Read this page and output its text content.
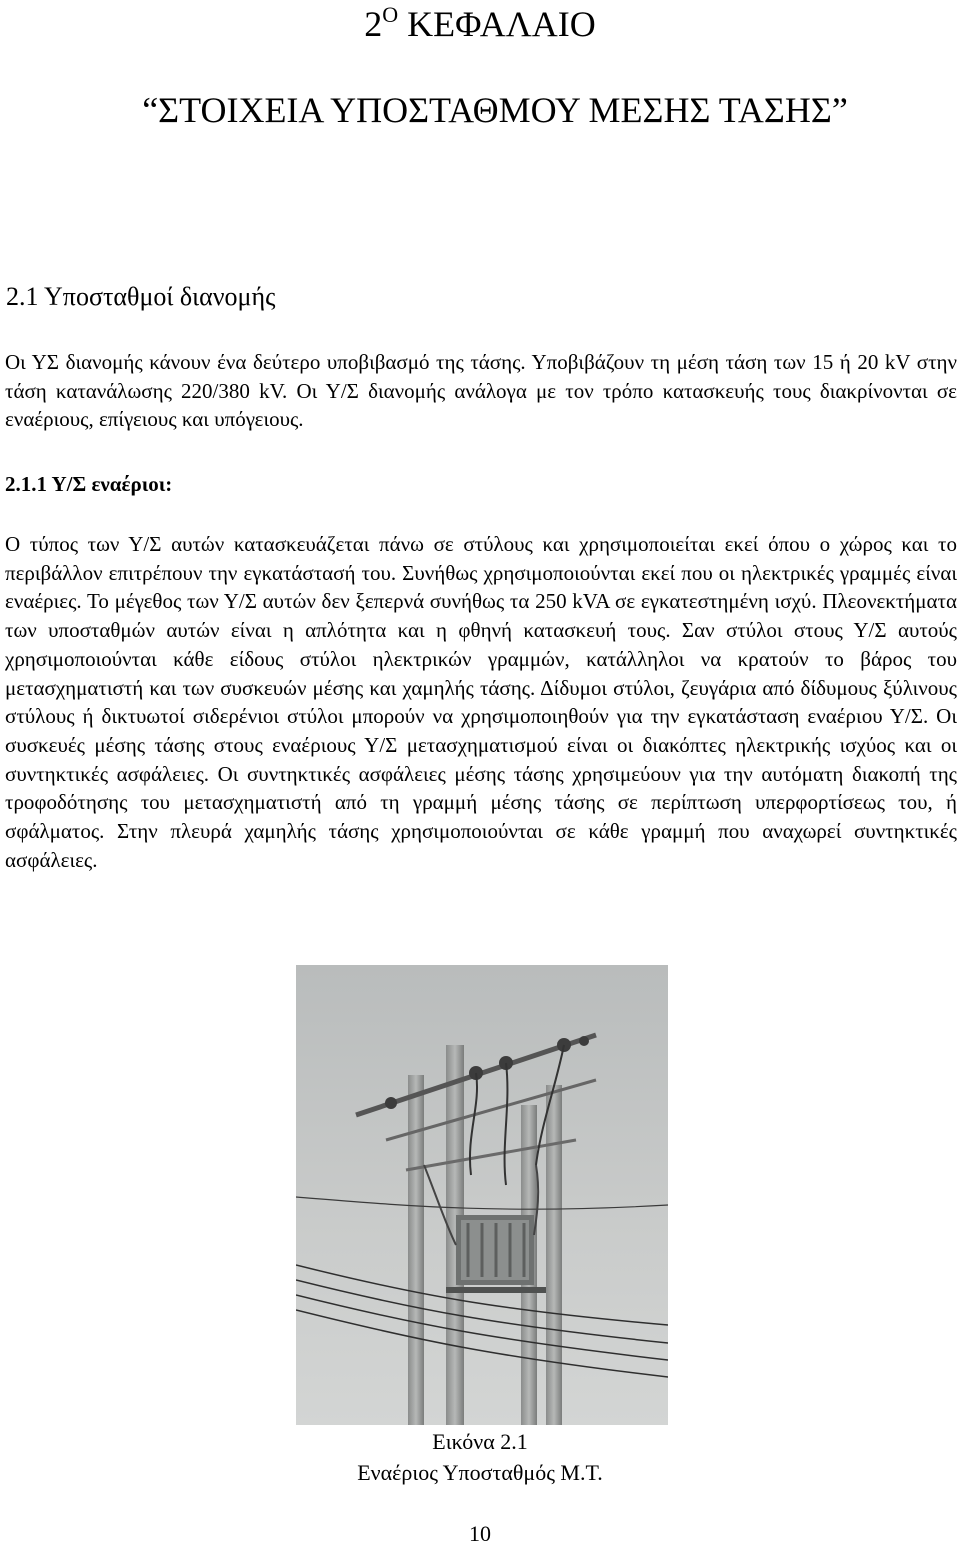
$2^O$ ΚΕΦΑΛΑΙΟ
“ΣΤΟΙΧΕΙΑ ΥΠΟΣΤΑΘΜΟΥ ΜΕΣΗΣ ΤΑΣΗΣ”
2.1 Υποσταθμοί διανομής
Οι ΥΣ διανομής κάνουν ένα δεύτερο υποβιβασμό της τάσης. Υποβιβάζουν τη μέση τάση των 15 ή 20 kV στην τάση κατανάλωσης 220/380 kV. Οι Υ/Σ διανομής ανάλογα με τον τρόπο κατασκευής τους διακρίνονται σε εναέριους, επίγειους και υπόγειους.
2.1.1 Υ/Σ εναέριοι:
Ο τύπος των Υ/Σ αυτών κατασκευάζεται πάνω σε στύλους και χρησιμοποιείται εκεί όπου ο χώρος και το περιβάλλον επιτρέπουν την εγκατάστασή του. Συνήθως χρησιμοποιούνται εκεί που οι ηλεκτρικές γραμμές είναι εναέριες. Το μέγεθος των Υ/Σ αυτών δεν ξεπερνά συνήθως τα 250 kVA σε εγκατεστημένη ισχύ. Πλεονεκτήματα των υποσταθμών αυτών είναι η απλότητα και η φθηνή κατασκευή τους. Σαν στύλοι στους Υ/Σ αυτούς χρησιμοποιούνται κάθε είδους στύλοι ηλεκτρικών γραμμών, κατάλληλοι να κρατούν το βάρος του μετασχηματιστή και των συσκευών μέσης και χαμηλής τάσης. Δίδυμοι στύλοι, ζευγάρια από δίδυμους ξύλινους στύλους ή δικτυωτοί σιδερένιοι στύλοι μπορούν να χρησιμοποιηθούν για την εγκατάσταση εναέριου Υ/Σ. Οι συσκευές μέσης τάσης στους εναέριους Υ/Σ μετασχηματισμού είναι οι διακόπτες ηλεκτρικής ισχύος και οι συντηκτικές ασφάλειες. Οι συντηκτικές ασφάλειες μέσης τάσης χρησιμεύουν για την αυτόματη διακοπή της τροφοδότησης του μετασχηματιστή από τη γραμμή μέσης τάσης σε περίπτωση υπερφορτίσεως του, ή σφάλματος. Στην πλευρά χαμηλής τάσης χρησιμοποιούνται σε κάθε γραμμή που αναχωρεί συντηκτικές ασφάλειες.
Εικόνα 2.1
Εναέριος Υποσταθμός Μ.Τ.
10
